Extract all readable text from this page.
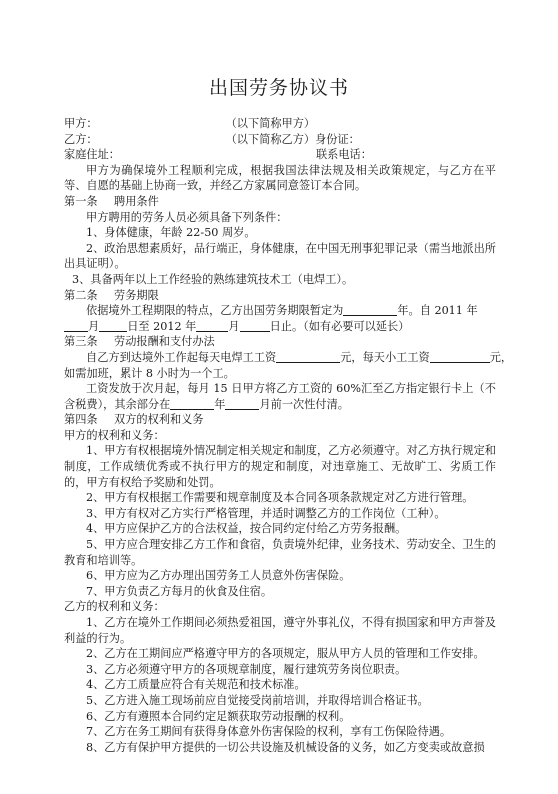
出国劳务协议书

甲方：	（以下简称甲方）

乙方：	（以下简称乙方）身份证：

家庭住址：	联系电话：

甲方为确保境外工程顺利完成，根据我国法律法规及相关政策规定，与乙方在平等、自愿的基础上协商一致，并经乙方家属同意签订本合同。

第一条 聘用条件

甲方聘用的劳务人员必须具备下列条件：

1、身体健康，年龄 22-50 周岁。

2、政治思想素质好，品行端正，身体健康，在中国无刑事犯罪记录（需当地派出所出具证明）。

3、具备两年以上工作经验的熟练建筑技术工（电焊工）。

第二条 劳务期限

依据境外工程期限的特点，乙方出国劳务期限暂定为	年。自 2011 年

月	日至 2012 年	月	日止。（如有必要可以延长）

第三条 劳动报酬和支付办法

自乙方到达境外工作起每天电焊工工资	元，每天小工工资	元，

如需加班，累计 8 小时为一个工。

工资发放于次月起，每月 15 日甲方将乙方工资的 60%汇至乙方指定银行卡上（不含税费），其余部分在	年	月前一次性付清。

第四条 双方的权利和义务

甲方的权利和义务：

1、甲方有权根据境外情况制定相关规定和制度，乙方必须遵守。对乙方执行规定和制度，工作成绩优秀或不执行甲方的规定和制度，对违章施工、无故旷工、劣质工作的，甲方有权给予奖励和处罚。

2、甲方有权根据工作需要和规章制度及本合同各项条款规定对乙方进行管理。

3、甲方有权对乙方实行严格管理，并适时调整乙方的工作岗位（工种）。

4、甲方应保护乙方的合法权益，按合同约定付给乙方劳务报酬。

5、甲方应合理安排乙方工作和食宿，负责境外纪律，业务技术、劳动安全、卫生的教育和培训等。

6、甲方应为乙方办理出国劳务工人员意外伤害保险。

7、甲方负责乙方每月的伙食及住宿。

乙方的权利和义务：

1、乙方在境外工作期间必须热爱祖国，遵守外事礼仪，不得有损国家和甲方声誉及利益的行为。

2、乙方在工期间应严格遵守甲方的各项规定，服从甲方人员的管理和工作安排。

3、乙方必须遵守甲方的各项规章制度，履行建筑劳务岗位职责。

4、乙方工质量应符合有关规范和技术标准。

5、乙方进入施工现场前应自觉接受岗前培训，并取得培训合格证书。

6、乙方有遵照本合同约定足额获取劳动报酬的权利。

7、乙方在务工期间有获得身体意外伤害保险的权利，享有工伤保险待遇。

8、乙方有保护甲方提供的一切公共设施及机械设备的义务，如乙方变卖或故意损
